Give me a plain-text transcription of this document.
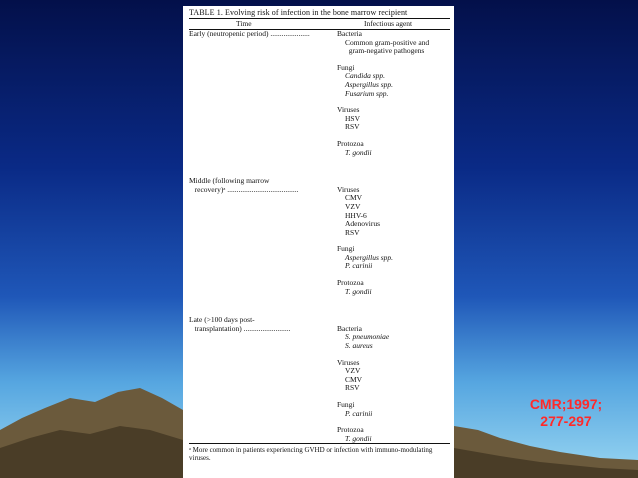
TABLE 1. Evolving risk of infection in the bone marrow recipient
Time	Infectious agent
Early (neutropenic period) .....................	Bacteria
Common gram-positive and
gram-negative pathogens
Fungi
Candida spp.
Aspergillus spp.
Fusarium spp.
Viruses
HSV
RSV
Protozoa
T. gondii
Middle (following marrow
recovery)ᵃ ......................................	Viruses
CMV
VZV
HHV-6
Adenovirus
RSV
Fungi
Aspergillus spp.
P. carinii
Protozoa
T. gondii
Late (>100 days post-
transplantation) .........................	Bacteria
S. pneumoniae
S. aureus
Viruses
VZV
CMV
RSV
Fungi
P. carinii
Protozoa
T. gondii
ᵃ More common in patients experiencing GVHD or infection with immuno-modulating viruses.
CMR;1997;
277-297
